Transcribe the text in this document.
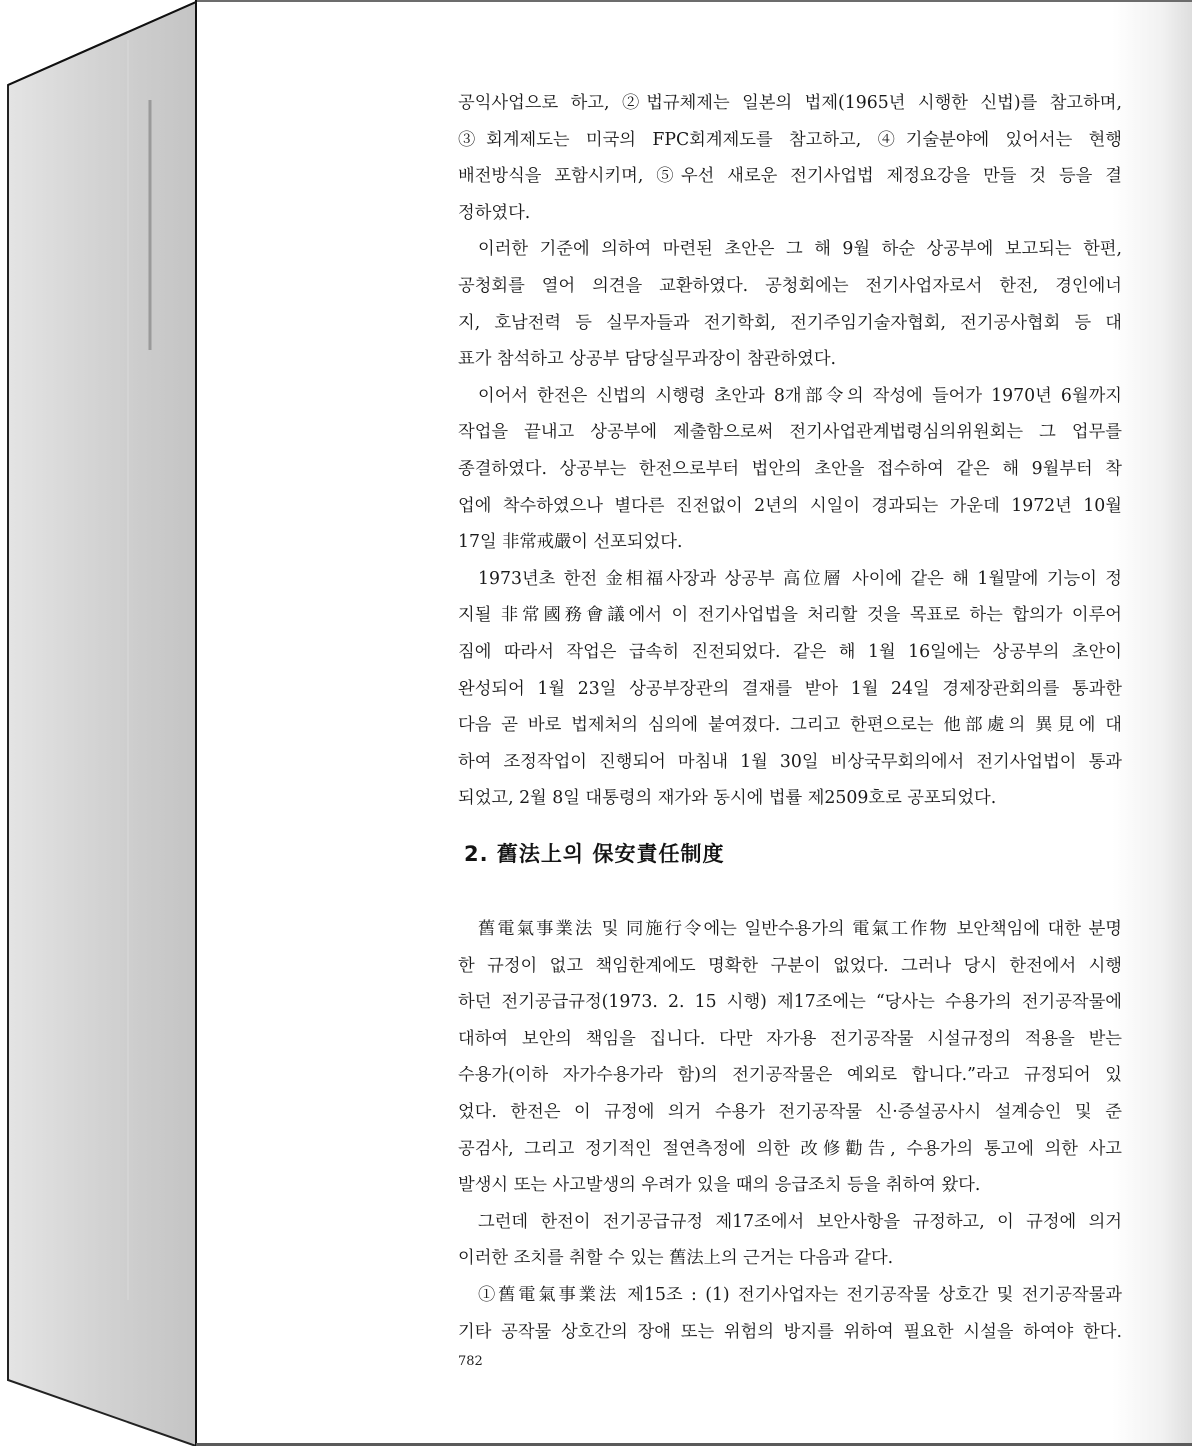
공익사업으로 하고, ②법규체제는 일본의 법제(1965년 시행한 신법)를 참고하며,
③회계제도는 미국의 FPC회계제도를 참고하고, ④기술분야에 있어서는 현행
배전방식을 포함시키며, ⑤우선 새로운 전기사업법 제정요강을 만들 것 등을 결
정하였다.
이러한 기준에 의하여 마련된 초안은 그 해 9월 하순 상공부에 보고되는 한편,
공청회를 열어 의견을 교환하였다. 공청회에는 전기사업자로서 한전, 경인에너
지, 호남전력 등 실무자들과 전기학회, 전기주임기술자협회, 전기공사협회 등 대
표가 참석하고 상공부 담당실무과장이 참관하였다.
이어서 한전은 신법의 시행령 초안과 8개部令의 작성에 들어가 1970년 6월까지
작업을 끝내고 상공부에 제출함으로써 전기사업관계법령심의위원회는 그 업무를
종결하였다. 상공부는 한전으로부터 법안의 초안을 접수하여 같은 해 9월부터 착
업에 착수하였으나 별다른 진전없이 2년의 시일이 경과되는 가운데 1972년 10월
17일 非常戒嚴이 선포되었다.
1973년초 한전 金相福사장과 상공부 高位層 사이에 같은 해 1월말에 기능이 정
지될 非常國務會議에서 이 전기사업법을 처리할 것을 목표로 하는 합의가 이루어
짐에 따라서 작업은 급속히 진전되었다. 같은 해 1월 16일에는 상공부의 초안이
완성되어 1월 23일 상공부장관의 결재를 받아 1월 24일 경제장관회의를 통과한
다음 곧 바로 법제처의 심의에 붙여졌다. 그리고 한편으로는 他部處의 異見에 대
하여 조정작업이 진행되어 마침내 1월 30일 비상국무회의에서 전기사업법이 통과
되었고, 2월 8일 대통령의 재가와 동시에 법률 제2509호로 공포되었다.
2. 舊法上의 保安責任制度
舊電氣事業法 및 同施行令에는 일반수용가의 電氣工作物 보안책임에 대한 분명
한 규정이 없고 책임한계에도 명확한 구분이 없었다. 그러나 당시 한전에서 시행
하던 전기공급규정(1973. 2. 15 시행) 제17조에는 “당사는 수용가의 전기공작물에
대하여 보안의 책임을 집니다. 다만 자가용 전기공작물 시설규정의 적용을 받는
수용가(이하 자가수용가라 함)의 전기공작물은 예외로 합니다.”라고 규정되어 있
었다. 한전은 이 규정에 의거 수용가 전기공작물 신·증설공사시 설계승인 및 준
공검사, 그리고 정기적인 절연측정에 의한 改修勸告, 수용가의 통고에 의한 사고
발생시 또는 사고발생의 우려가 있을 때의 응급조치 등을 취하여 왔다.
그런데 한전이 전기공급규정 제17조에서 보안사항을 규정하고, 이 규정에 의거
이러한 조치를 취할 수 있는 舊法上의 근거는 다음과 같다.
①舊電氣事業法 제15조 : (1) 전기사업자는 전기공작물 상호간 및 전기공작물과
기타 공작물 상호간의 장애 또는 위험의 방지를 위하여 필요한 시설을 하여야 한다.
782
